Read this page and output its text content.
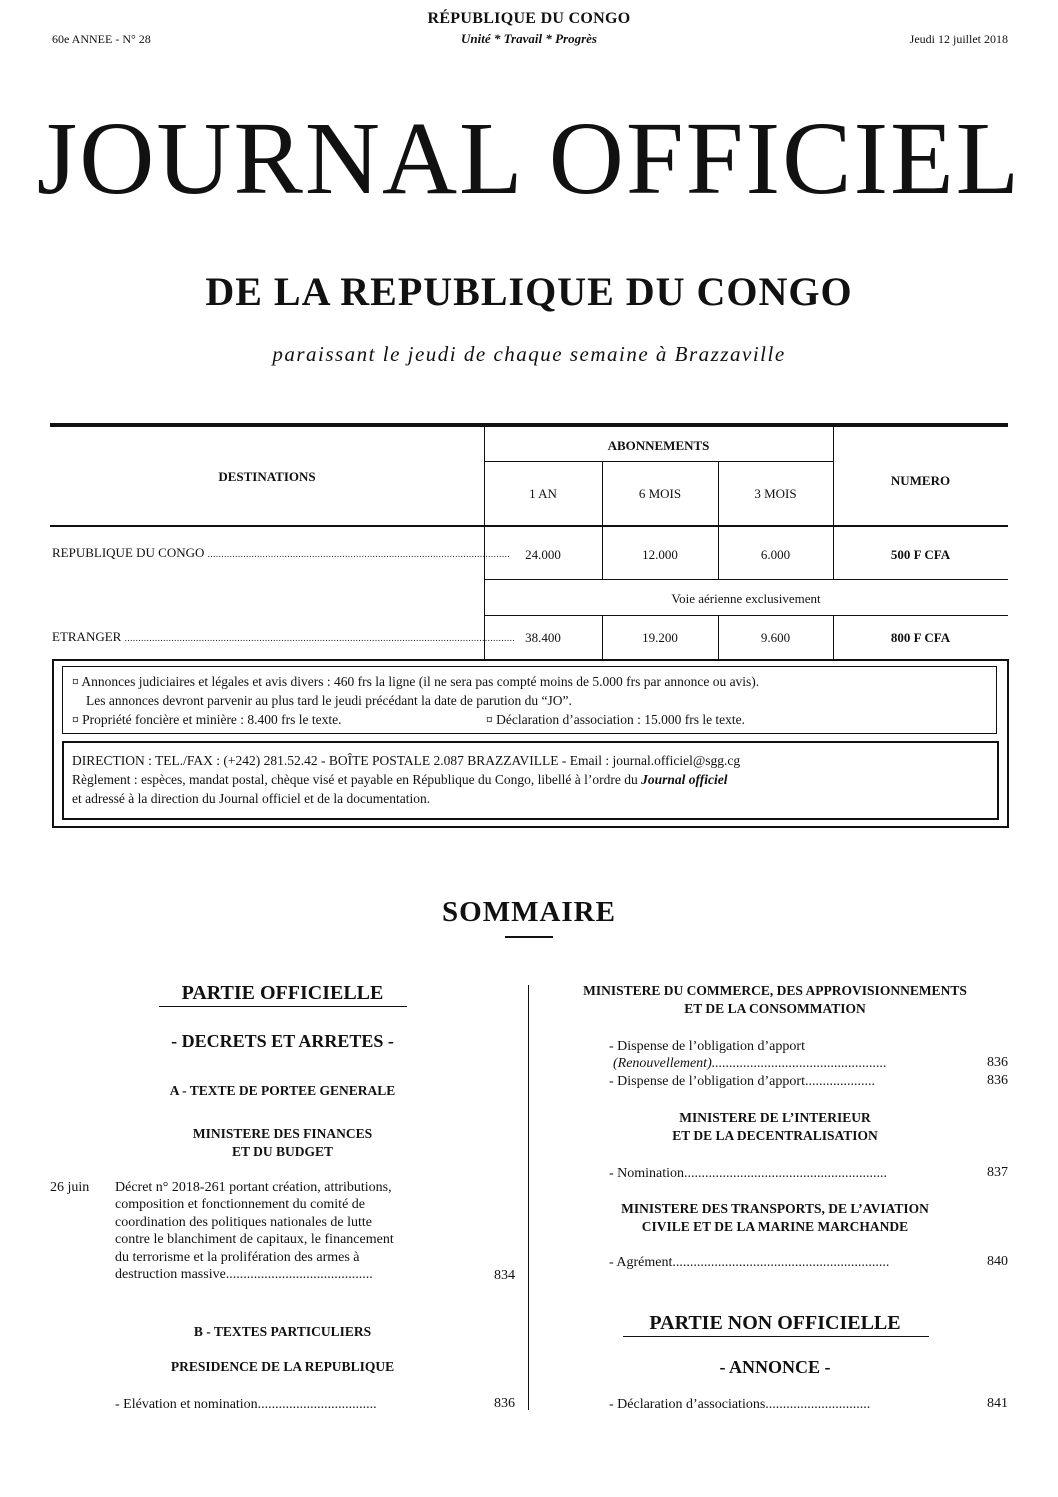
60e ANNEE - N° 28
RÉPUBLIQUE DU CONGO
Unité * Travail * Progrès	Jeudi 12 juillet 2018
JOURNAL OFFICIEL
DE LA REPUBLIQUE DU CONGO
paraissant le jeudi de chaque semaine à Brazzaville
DESTINATIONS
ABONNEMENTS
NUMERO
1 AN	6 MOIS	3 MOIS
REPUBLIQUE DU CONGO ..............................................................................................................	24.000	12.000	6.000	500 F CFA
Voie aérienne exclusivement
ETRANGER .............................................................................................................................................. 38.400	19.200	9.600	800 F CFA
¤ Annonces judiciaires et légales et avis divers : 460 frs la ligne (il ne sera pas compté moins de 5.000 frs par annonce ou avis).
Les annonces devront parvenir au plus tard le jeudi précédant la date de parution du “JO”.
¤ Propriété foncière et minière : 8.400 frs le texte.	¤ Déclaration d’association : 15.000 frs le texte.
DIRECTION : TEL./FAX : (+242) 281.52.42 - BOÎTE POSTALE 2.087 BRAZZAVILLE - Email : journal.officiel@sgg.cg
Règlement : espèces, mandat postal, chèque visé et payable en République du Congo, libellé à l’ordre du Journal officiel
et adressé à la direction du Journal officiel et de la documentation.
SOMMAIRE
PARTIE OFFICIELLE
- DECRETS ET ARRETES -
A - TEXTE DE PORTEE GENERALE
MINISTERE DES FINANCES
ET DU BUDGET
26 juin Décret n° 2018-261 portant création, attributions,
composition et fonctionnement du comité de
coordination des politiques nationales de lutte
contre le blanchiment de capitaux, le financement
du terrorisme et la prolifération des armes à
destruction massive..........................................	834
B - TEXTES PARTICULIERS
PRESIDENCE DE LA REPUBLIQUE
- Elévation et nomination..................................	836
MINISTERE DU COMMERCE, DES APPROVISIONNEMENTS
ET DE LA CONSOMMATION
- Dispense de l’obligation d’apport
(Renouvellement)..................................................	836
- Dispense de l’obligation d’apport....................	836
MINISTERE DE L’INTERIEUR
ET DE LA DECENTRALISATION
- Nomination..........................................................	837
MINISTERE DES TRANSPORTS, DE L’AVIATION
CIVILE ET DE LA MARINE MARCHANDE
- Agrément..............................................................	840
PARTIE NON OFFICIELLE
- ANNONCE -
- Déclaration d’associations..............................	841
